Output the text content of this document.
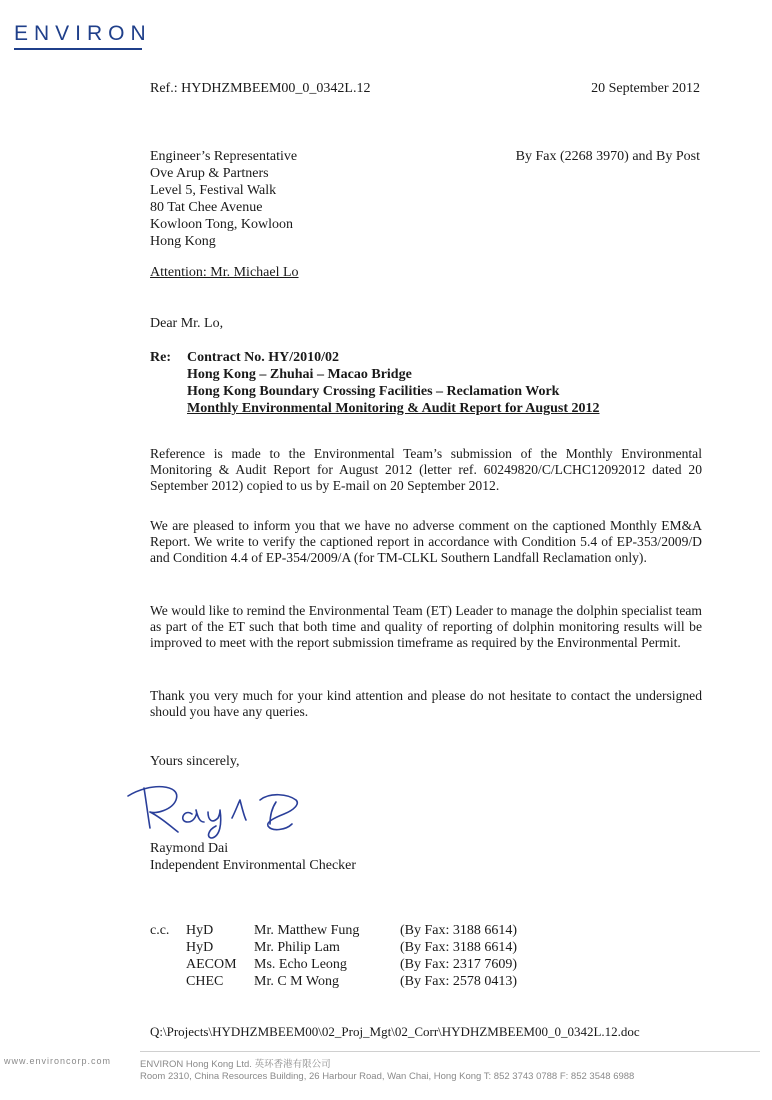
ENVIRON
Ref.: HYDHZMBEEM00_0_0342L.12	20 September 2012
By Fax (2268 3970) and By Post
Engineer’s Representative
Ove Arup & Partners
Level 5, Festival Walk
80 Tat Chee Avenue
Kowloon Tong, Kowloon
Hong Kong
Attention: Mr. Michael Lo
Dear Mr. Lo,
Re: Contract No. HY/2010/02
Hong Kong – Zhuhai – Macao Bridge
Hong Kong Boundary Crossing Facilities – Reclamation Work
Monthly Environmental Monitoring & Audit Report for August 2012
Reference is made to the Environmental Team’s submission of the Monthly Environmental Monitoring & Audit Report for August 2012 (letter ref. 60249820/C/LCHC12092012 dated 20 September 2012) copied to us by E-mail on 20 September 2012.
We are pleased to inform you that we have no adverse comment on the captioned Monthly EM&A Report. We write to verify the captioned report in accordance with Condition 5.4 of EP-353/2009/D and Condition 4.4 of EP-354/2009/A (for TM-CLKL Southern Landfall Reclamation only).
We would like to remind the Environmental Team (ET) Leader to manage the dolphin specialist team as part of the ET such that both time and quality of reporting of dolphin monitoring results will be improved to meet with the report submission timeframe as required by the Environmental Permit.
Thank you very much for your kind attention and please do not hesitate to contact the undersigned should you have any queries.
Yours sincerely,
Raymond Dai
Independent Environmental Checker
c.c.	HyD	Mr. Matthew Fung	(By Fax: 3188 6614)
	HyD	Mr. Philip Lam	(By Fax: 3188 6614)
	AECOM	Ms. Echo Leong	(By Fax: 2317 7609)
	CHEC	Mr. C M Wong	(By Fax: 2578 0413)
Q:\Projects\HYDHZMBEEM00\02_Proj_Mgt\02_Corr\HYDHZMBEEM00_0_0342L.12.doc
www.environcorp.com	ENVIRON Hong Kong Ltd. 英环香港有限公司
Room 2310, China Resources Building, 26 Harbour Road, Wan Chai, Hong Kong T: 852 3743 0788 F: 852 3548 6988
